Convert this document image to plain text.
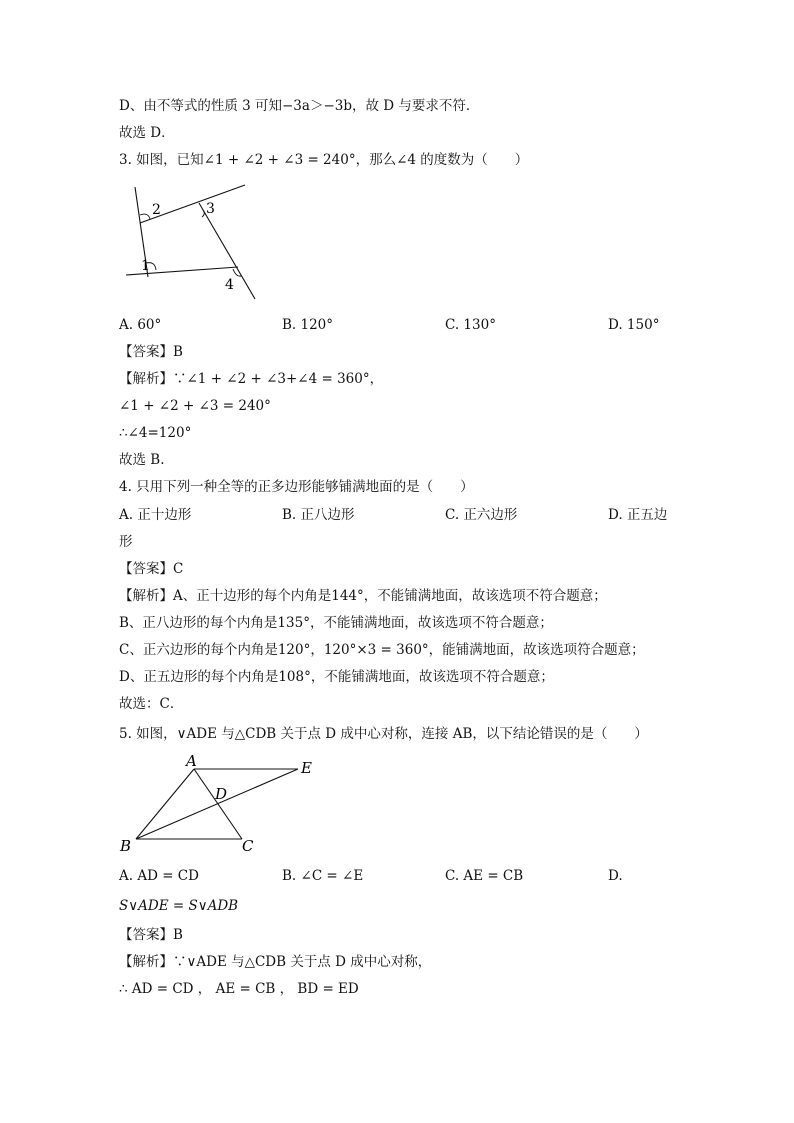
D、由不等式的性质 3 可知−3a＞−3b，故 D 与要求不符．
故选 D．
3. 如图，已知∠1 + ∠2 + ∠3 = 240°，那么∠4 的度数为（　　）
1
2	3
4
A. 60°	B. 120°	C. 130°	D. 150°
【答案】B
【解析】∵∠1 + ∠2 + ∠3+∠4 = 360°，
∠1 + ∠2 + ∠3 = 240°
∴∠4=120°
故选 B.
4. 只用下列一种全等的正多边形能够铺满地面的是（　　）
A. 正十边形	B. 正八边形	C. 正六边形	D. 正五边
形
【答案】C
【解析】A、正十边形的每个内角是144°，不能铺满地面，故该选项不符合题意；
B、正八边形的每个内角是135°，不能铺满地面，故该选项不符合题意；
C、正六边形的每个内角是120°，120°×3 = 360°，能铺满地面，故该选项符合题意；
D、正五边形的每个内角是108°，不能铺满地面，故该选项不符合题意；
故选：C．
5. 如图，∨ADE 与△CDB 关于点 D 成中心对称，连接 AB，以下结论错误的是（　　）
A	E
D
B	C
A. AD = CD	B. ∠C = ∠E	C. AE = CB	D.
S∨ADE = S∨ADB
【答案】B
【解析】∵∨ADE 与△CDB 关于点 D 成中心对称，
∴ AD = CD ， AE = CB ， BD = ED
